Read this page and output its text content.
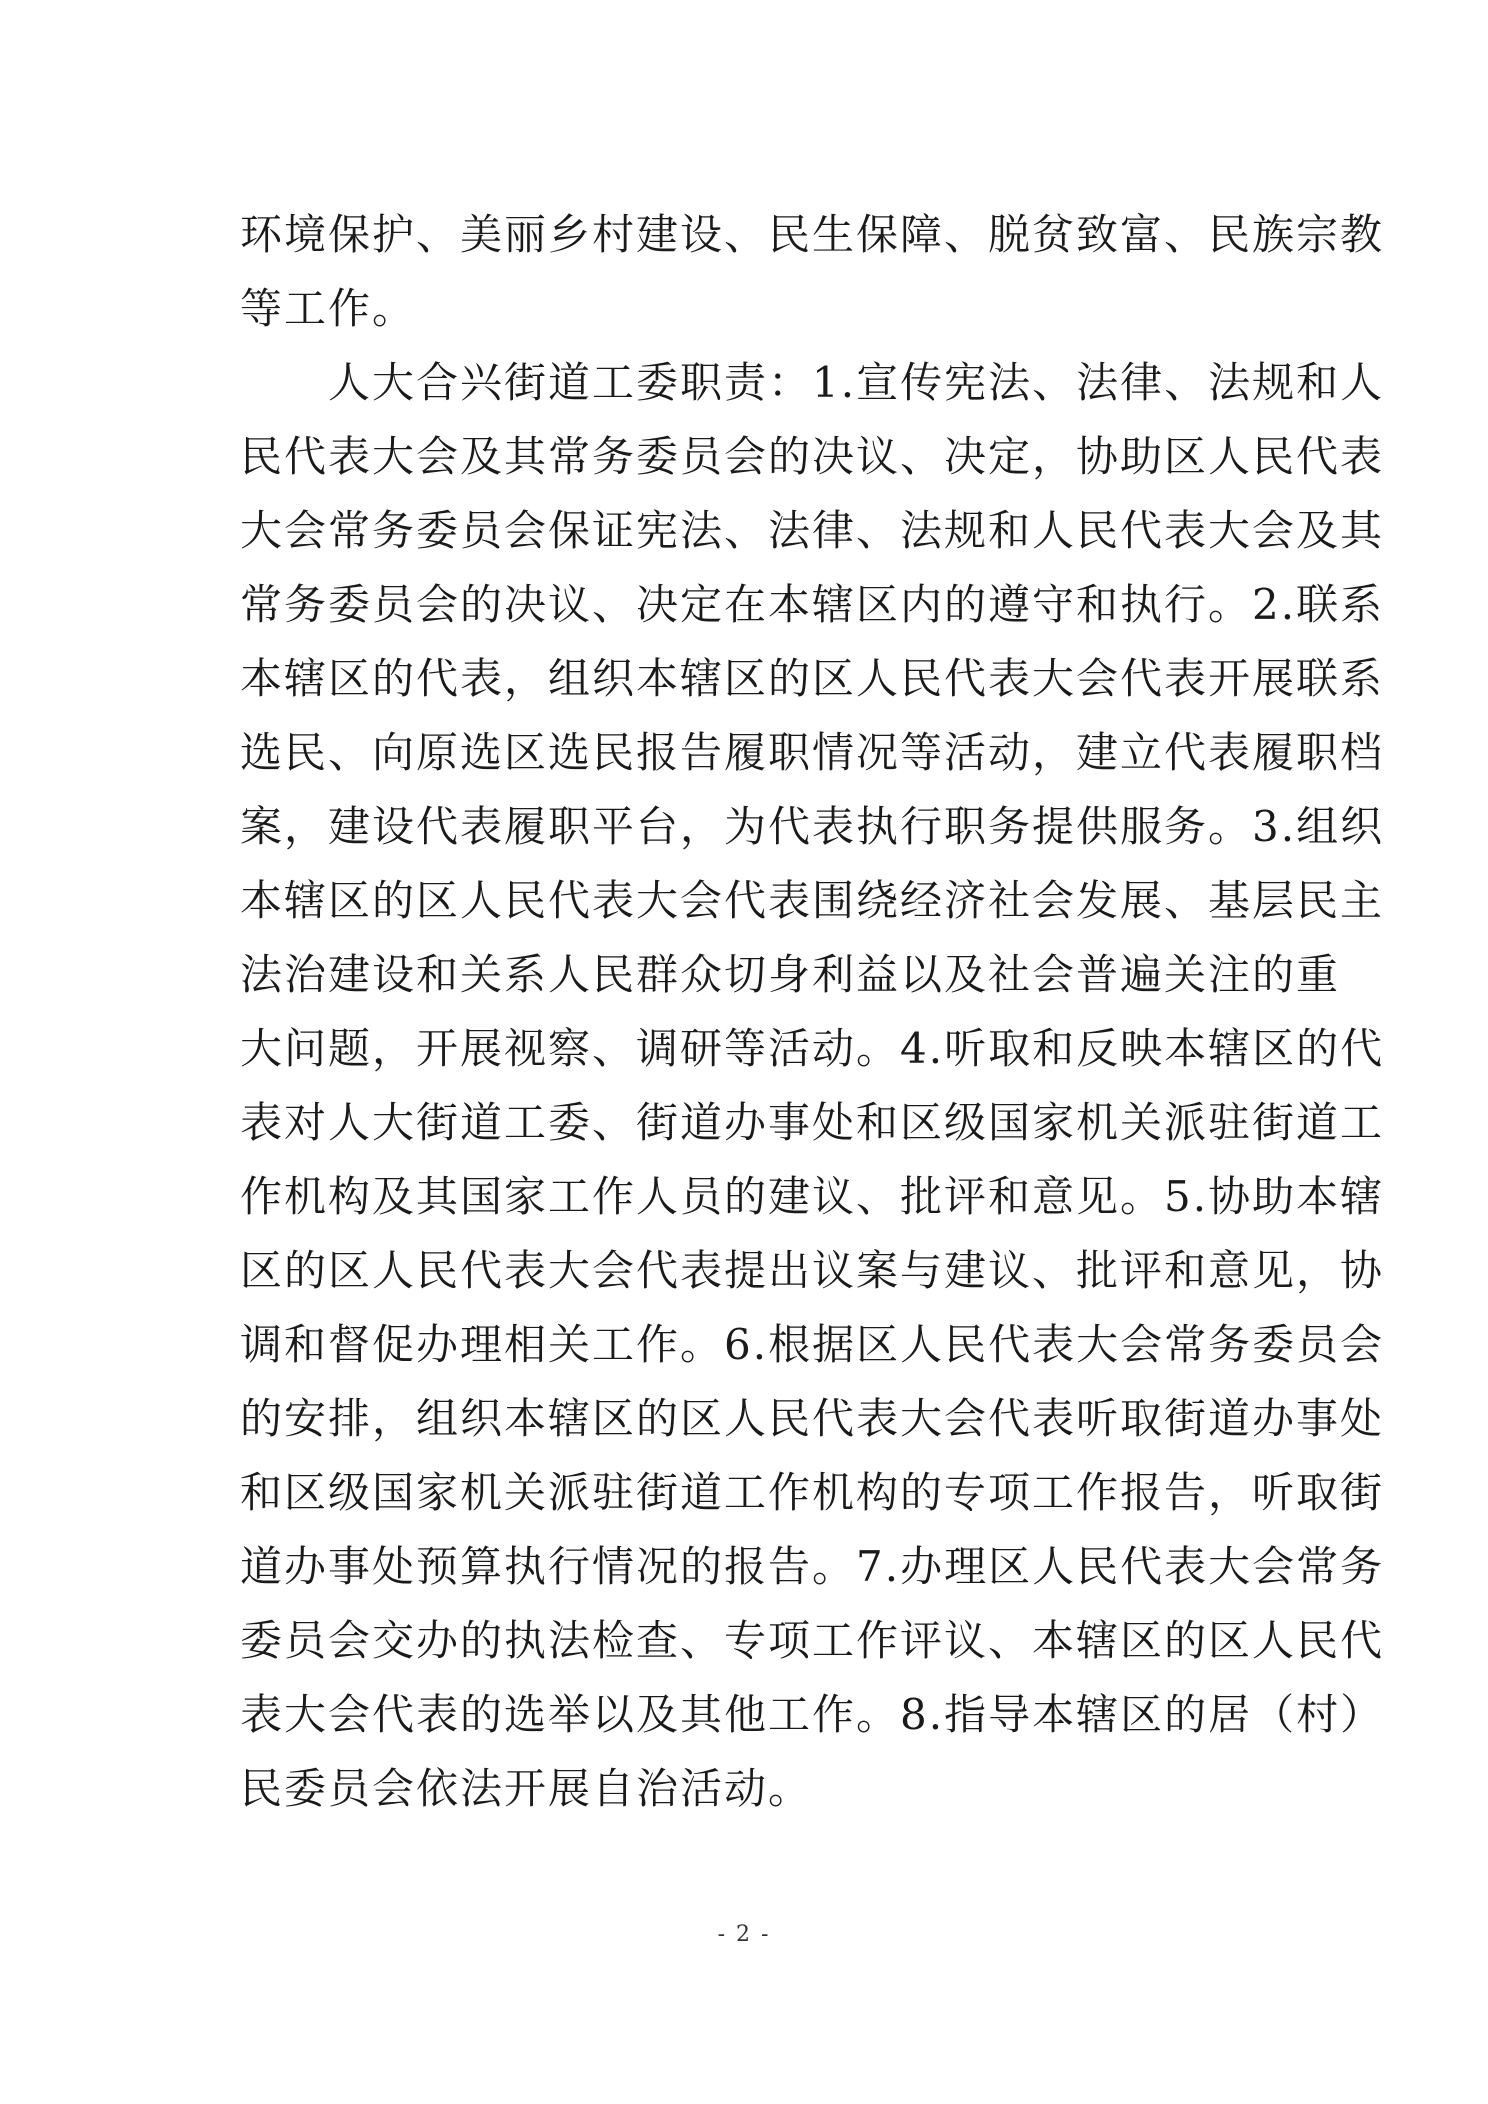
环境保护、美丽乡村建设、民生保障、脱贫致富、民族宗教
等工作。
　　人大合兴街道工委职责：1.宣传宪法、法律、法规和人
民代表大会及其常务委员会的决议、决定，协助区人民代表
大会常务委员会保证宪法、法律、法规和人民代表大会及其
常务委员会的决议、决定在本辖区内的遵守和执行。2.联系
本辖区的代表，组织本辖区的区人民代表大会代表开展联系
选民、向原选区选民报告履职情况等活动，建立代表履职档
案，建设代表履职平台，为代表执行职务提供服务。3.组织
本辖区的区人民代表大会代表围绕经济社会发展、基层民主
法治建设和关系人民群众切身利益以及社会普遍关注的重
大问题，开展视察、调研等活动。4.听取和反映本辖区的代
表对人大街道工委、街道办事处和区级国家机关派驻街道工
作机构及其国家工作人员的建议、批评和意见。5.协助本辖
区的区人民代表大会代表提出议案与建议、批评和意见，协
调和督促办理相关工作。6.根据区人民代表大会常务委员会
的安排，组织本辖区的区人民代表大会代表听取街道办事处
和区级国家机关派驻街道工作机构的专项工作报告，听取街
道办事处预算执行情况的报告。7.办理区人民代表大会常务
委员会交办的执法检查、专项工作评议、本辖区的区人民代
表大会代表的选举以及其他工作。8.指导本辖区的居（村）
民委员会依法开展自治活动。
- 2 -
